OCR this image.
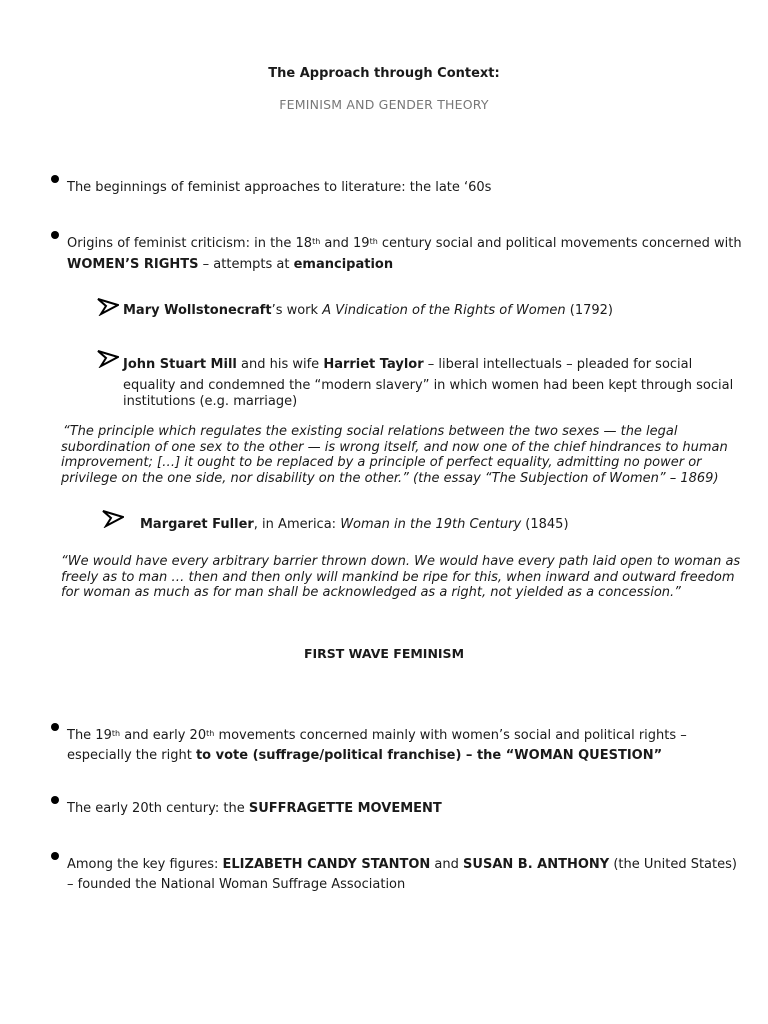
The Approach through Context:
FEMINISM AND GENDER THEORY
The beginnings of feminist approaches to literature: the late ‘60s
Origins of feminist criticism: in the 18th and 19th century social and political movements concerned with
WOMEN’S RIGHTS – attempts at emancipation
Mary Wollstonecraft’s work A Vindication of the Rights of Women (1792)
John Stuart Mill and his wife Harriet Taylor – liberal intellectuals – pleaded for social
equality and condemned the “modern slavery” in which women had been kept through social
institutions (e.g. marriage)
“The principle which regulates the existing social relations between the two sexes — the legal
subordination of one sex to the other — is wrong itself, and now one of the chief hindrances to human
improvement; […] it ought to be replaced by a principle of perfect equality, admitting no power or
privilege on the one side, nor disability on the other.” (the essay “The Subjection of Women” – 1869)
Margaret Fuller, in America: Woman in the 19th Century (1845)
“We would have every arbitrary barrier thrown down. We would have every path laid open to woman as
freely as to man … then and then only will mankind be ripe for this, when inward and outward freedom
for woman as much as for man shall be acknowledged as a right, not yielded as a concession.”
FIRST WAVE FEMINISM
The 19th and early 20th movements concerned mainly with women’s social and political rights –
especially the right to vote (suffrage/political franchise) – the “WOMAN QUESTION”
The early 20th century: the SUFFRAGETTE MOVEMENT
Among the key figures: ELIZABETH CANDY STANTON and SUSAN B. ANTHONY (the United States)
– founded the National Woman Suffrage Association
